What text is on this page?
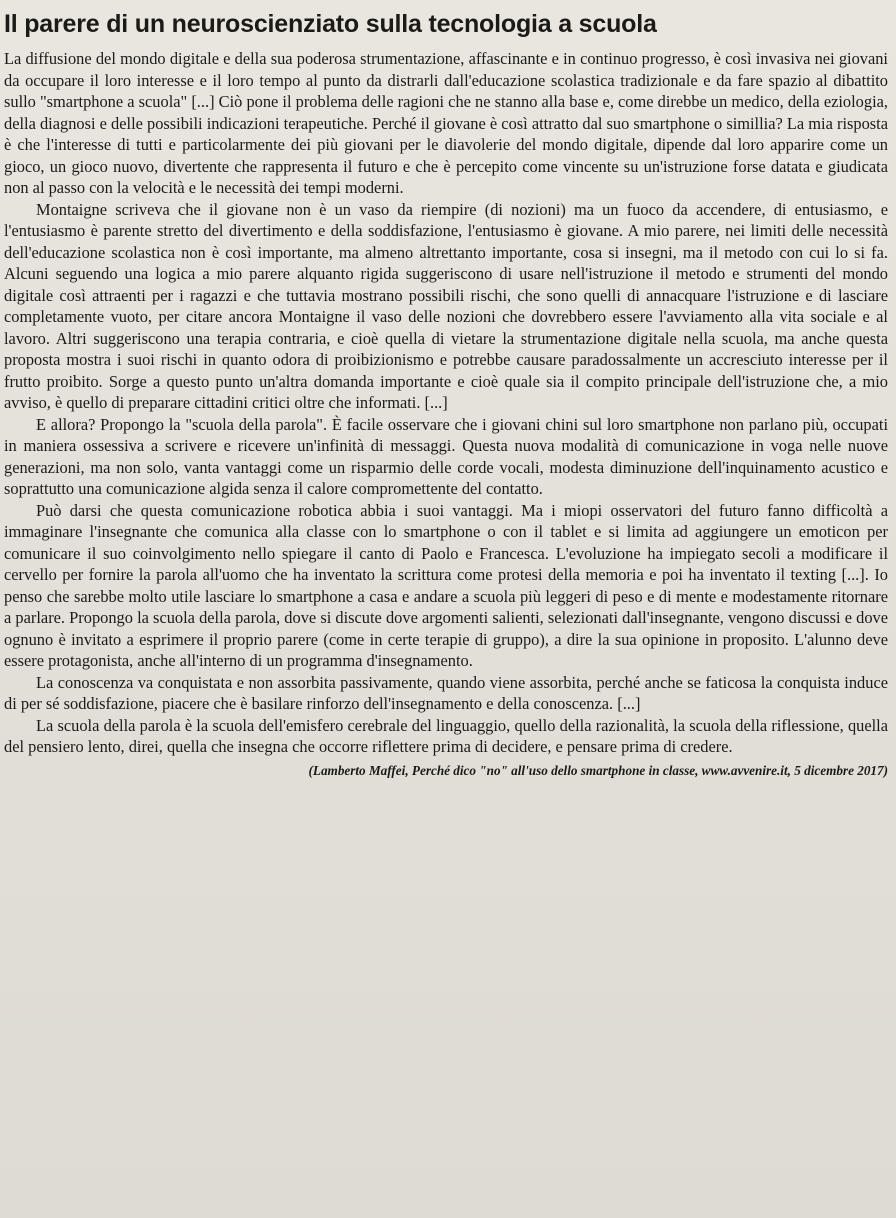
Il parere di un neuroscienziato sulla tecnologia a scuola

La diffusione del mondo digitale e della sua poderosa strumentazione, affascinante e in continuo progresso, è così invasiva nei giovani da occupare il loro interesse e il loro tempo al punto da distrarli dall'educazione scolastica tradizionale e da fare spazio al dibattito sullo "smartphone a scuola" [...] Ciò pone il problema delle ragioni che ne stanno alla base e, come direbbe un medico, della eziologia, della diagnosi e delle possibili indicazioni terapeutiche. Perché il giovane è così attratto dal suo smartphone o simillia? La mia risposta è che l'interesse di tutti e particolarmente dei più giovani per le diavolerie del mondo digitale, dipende dal loro apparire come un gioco, un gioco nuovo, divertente che rappresenta il futuro e che è percepito come vincente su un'istruzione forse datata e giudicata non al passo con la velocità e le necessità dei tempi moderni.

Montaigne scriveva che il giovane non è un vaso da riempire (di nozioni) ma un fuoco da accendere, di entusiasmo, e l'entusiasmo è parente stretto del divertimento e della soddisfazione, l'entusiasmo è giovane. A mio parere, nei limiti delle necessità dell'educazione scolastica non è così importante, ma almeno altrettanto importante, cosa si insegni, ma il metodo con cui lo si fa. Alcuni seguendo una logica a mio parere alquanto rigida suggeriscono di usare nell'istruzione il metodo e strumenti del mondo digitale così attraenti per i ragazzi e che tuttavia mostrano possibili rischi, che sono quelli di annacquare l'istruzione e di lasciare completamente vuoto, per citare ancora Montaigne il vaso delle nozioni che dovrebbero essere l'avviamento alla vita sociale e al lavoro. Altri suggeriscono una terapia contraria, e cioè quella di vietare la strumentazione digitale nella scuola, ma anche questa proposta mostra i suoi rischi in quanto odora di proibizionismo e potrebbe causare paradossalmente un accresciuto interesse per il frutto proibito. Sorge a questo punto un'altra domanda importante e cioè quale sia il compito principale dell'istruzione che, a mio avviso, è quello di preparare cittadini critici oltre che informati. [...]

E allora? Propongo la "scuola della parola". È facile osservare che i giovani chini sul loro smartphone non parlano più, occupati in maniera ossessiva a scrivere e ricevere un'infinità di messaggi. Questa nuova modalità di comunicazione in voga nelle nuove generazioni, ma non solo, vanta vantaggi come un risparmio delle corde vocali, modesta diminuzione dell'inquinamento acustico e soprattutto una comunicazione algida senza il calore compromettente del contatto.

Può darsi che questa comunicazione robotica abbia i suoi vantaggi. Ma i miopi osservatori del futuro fanno difficoltà a immaginare l'insegnante che comunica alla classe con lo smartphone o con il tablet e si limita ad aggiungere un emoticon per comunicare il suo coinvolgimento nello spiegare il canto di Paolo e Francesca. L'evoluzione ha impiegato secoli a modificare il cervello per fornire la parola all'uomo che ha inventato la scrittura come protesi della memoria e poi ha inventato il texting [...]. Io penso che sarebbe molto utile lasciare lo smartphone a casa e andare a scuola più leggeri di peso e di mente e modestamente ritornare a parlare. Propongo la scuola della parola, dove si discute dove argomenti salienti, selezionati dall'insegnante, vengono discussi e dove ognuno è invitato a esprimere il proprio parere (come in certe terapie di gruppo), a dire la sua opinione in proposito. L'alunno deve essere protagonista, anche all'interno di un programma d'insegnamento.

La conoscenza va conquistata e non assorbita passivamente, quando viene assorbita, perché anche se faticosa la conquista induce di per sé soddisfazione, piacere che è basilare rinforzo dell'insegnamento e della conoscenza. [...]

La scuola della parola è la scuola dell'emisfero cerebrale del linguaggio, quello della razionalità, la scuola della riflessione, quella del pensiero lento, direi, quella che insegna che occorre riflettere prima di decidere, e pensare prima di credere.

(Lamberto Maffei, Perché dico "no" all'uso dello smartphone in classe, www.avvenire.it, 5 dicembre 2017)
